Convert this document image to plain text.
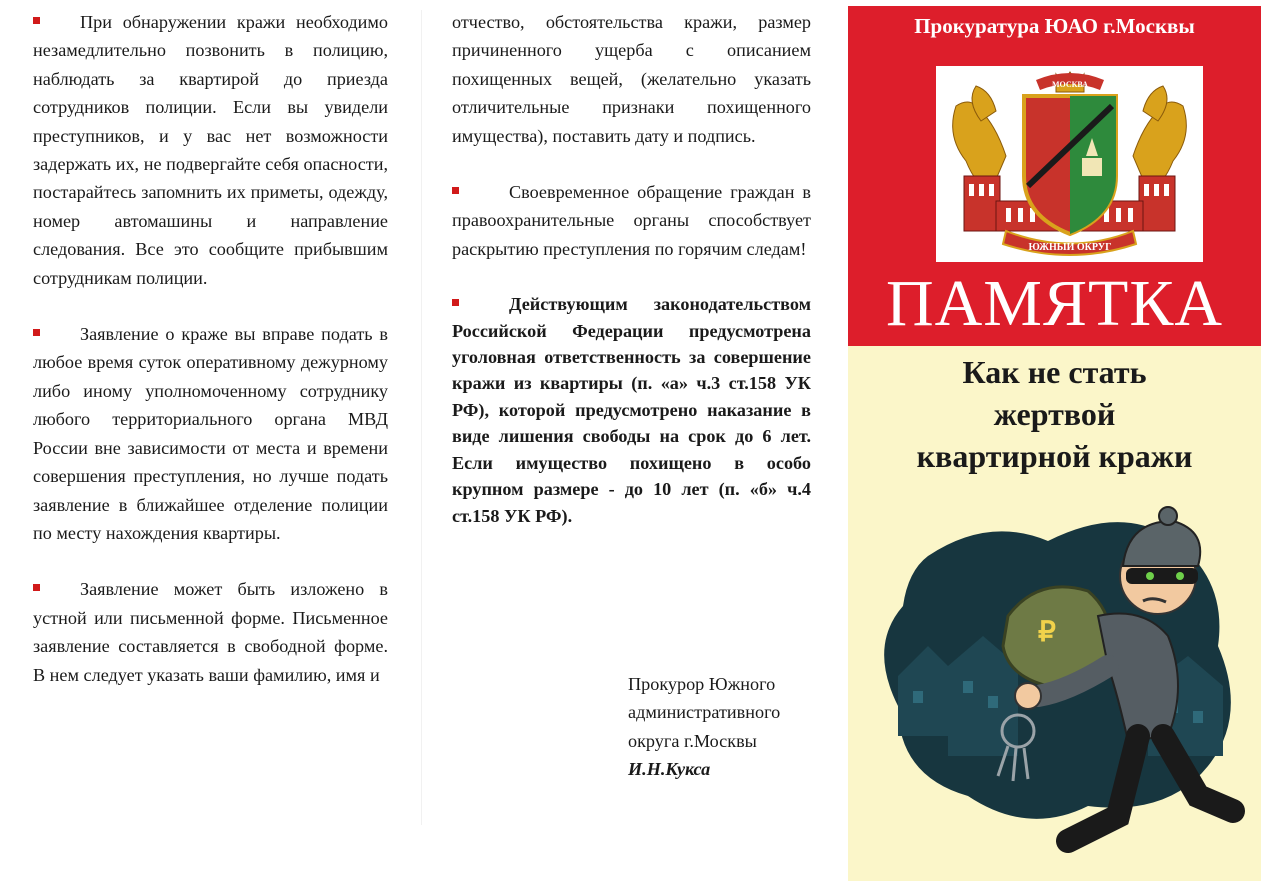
При обнаружении кражи необходимо незамедлительно позвонить в полицию, наблюдать за квартирой до приезда сотрудников полиции. Если вы увидели преступников, и у вас нет возможности задержать их, не подвергайте себя опасности, постарайтесь запомнить их приметы, одежду, номер автомашины и направление следования. Все это сообщите прибывшим сотрудникам полиции.

Заявление о краже вы вправе подать в любое время суток оперативному дежурному либо иному уполномоченному сотруднику любого территориального органа МВД России вне зависимости от места и времени совершения преступления, но лучше подать заявление в ближайшее отделение полиции по месту нахождения квартиры.

Заявление может быть изложено в устной или письменной форме. Письменное заявление составляется в свободной форме. В нем следует указать ваши фамилию, имя и

отчество, обстоятельства кражи, размер причиненного ущерба с описанием похищенных вещей, (желательно указать отличительные признаки похищенного имущества), поставить дату и подпись.

Своевременное обращение граждан в правоохранительные органы способствует раскрытию преступления по горячим следам!

Действующим законодательством Российской Федерации предусмотрена уголовная ответственность за совершение кражи из квартиры (п. «а» ч.3 ст.158 УК РФ), которой предусмотрено наказание в виде лишения свободы на срок до 6 лет. Если имущество похищено в особо крупном размере - до 10 лет (п. «б» ч.4 ст.158 УК РФ).

Прокурор Южного
административного
округа г.Москвы
И.Н.Кукса
Прокуратура ЮАО г.Москвы
МОСКВА
ЮЖНЫЙ ОКРУГ
ПАМЯТКА
Как не стать
жертвой
квартирной кражи
₽
